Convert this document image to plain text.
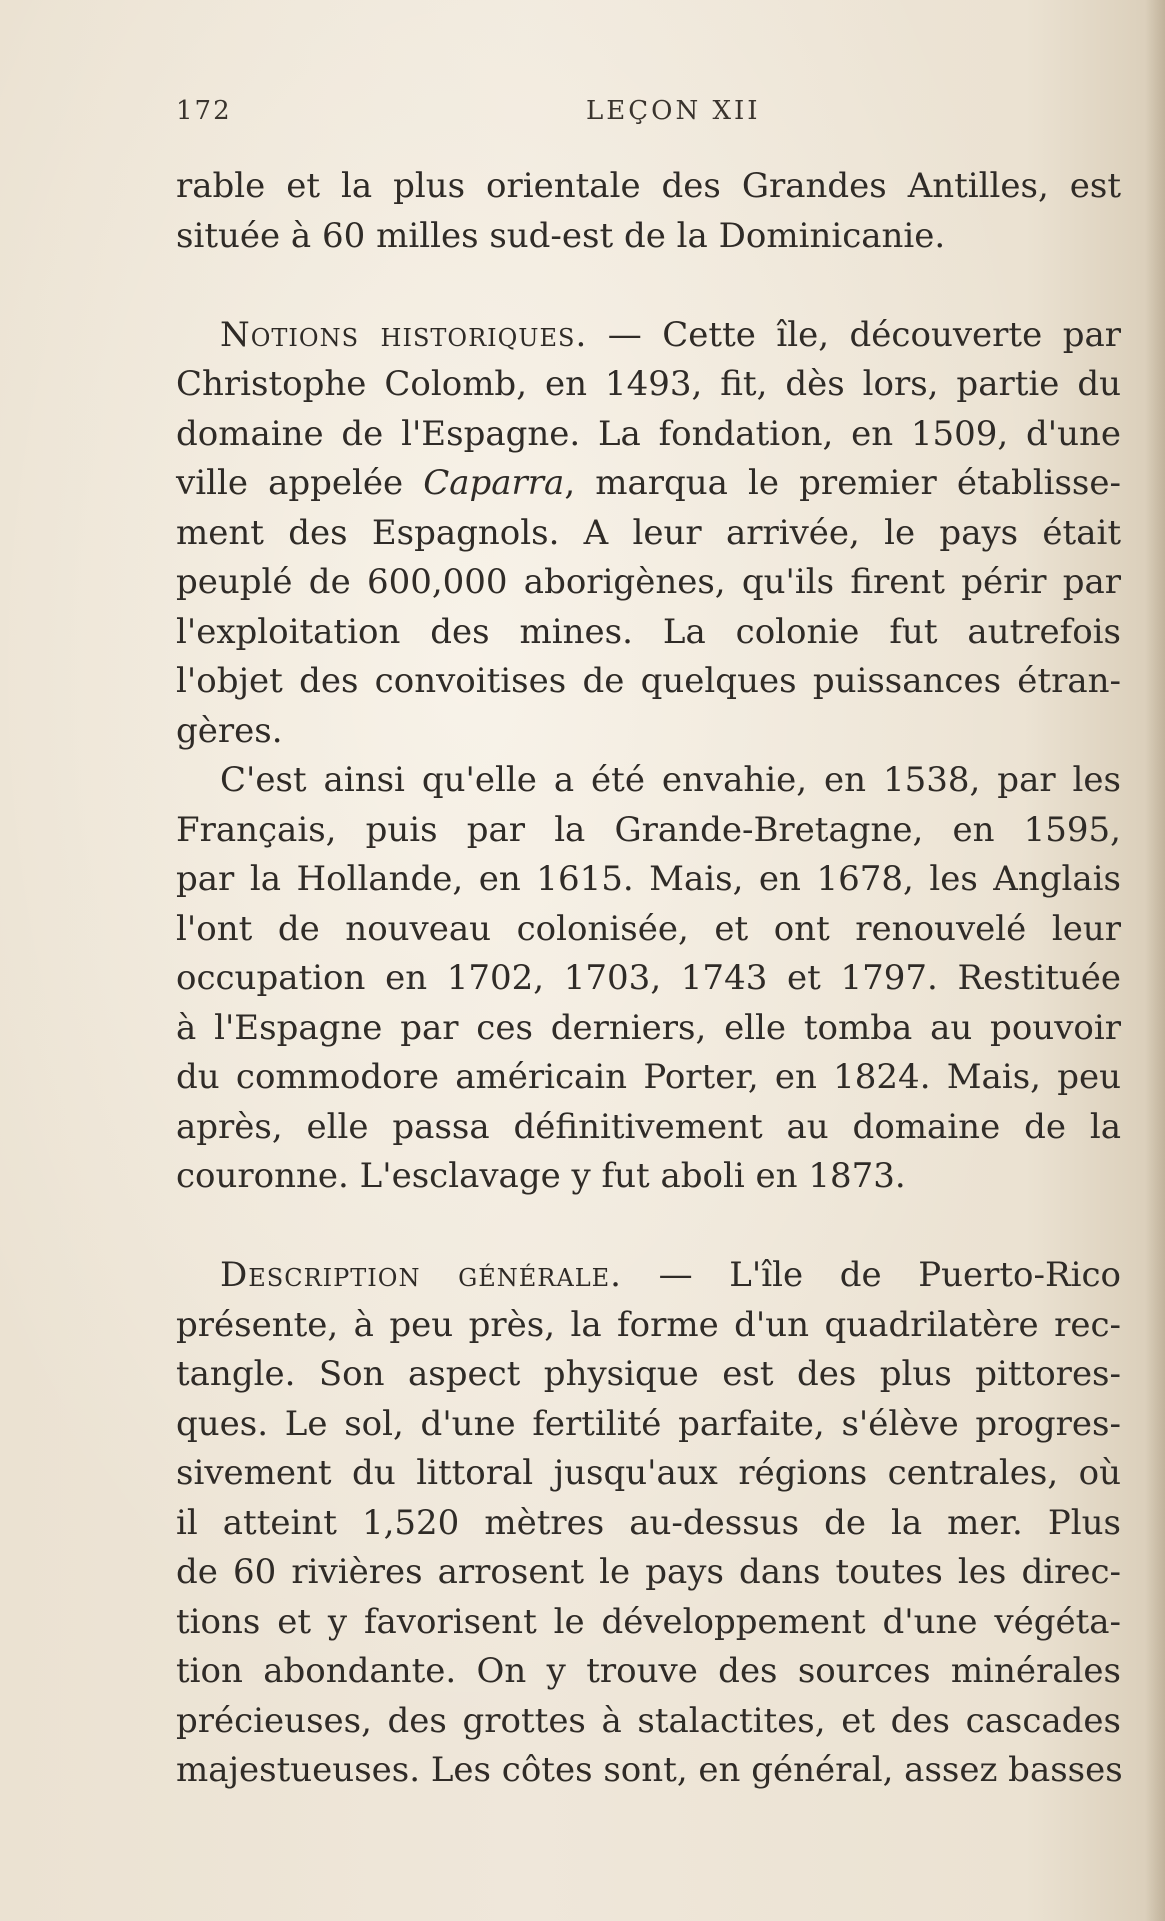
172	LEÇON XII
rable et la plus orientale des Grandes Antilles, est
située à 60 milles sud-est de la Dominicanie.
Notions historiques. — Cette île, découverte par
Christophe Colomb, en 1493, fit, dès lors, partie du
domaine de l'Espagne. La fondation, en 1509, d'une
ville appelée Caparra, marqua le premier établisse-
ment des Espagnols. A leur arrivée, le pays était
peuplé de 600,000 aborigènes, qu'ils firent périr par
l'exploitation des mines. La colonie fut autrefois
l'objet des convoitises de quelques puissances étran-
gères.
C'est ainsi qu'elle a été envahie, en 1538, par les
Français, puis par la Grande-Bretagne, en 1595,
par la Hollande, en 1615. Mais, en 1678, les Anglais
l'ont de nouveau colonisée, et ont renouvelé leur
occupation en 1702, 1703, 1743 et 1797. Restituée
à l'Espagne par ces derniers, elle tomba au pouvoir
du commodore américain Porter, en 1824. Mais, peu
après, elle passa définitivement au domaine de la
couronne. L'esclavage y fut aboli en 1873.
Description générale. — L'île de Puerto-Rico
présente, à peu près, la forme d'un quadrilatère rec-
tangle. Son aspect physique est des plus pittores-
ques. Le sol, d'une fertilité parfaite, s'élève progres-
sivement du littoral jusqu'aux régions centrales, où
il atteint 1,520 mètres au-dessus de la mer. Plus
de 60 rivières arrosent le pays dans toutes les direc-
tions et y favorisent le développement d'une végéta-
tion abondante. On y trouve des sources minérales
précieuses, des grottes à stalactites, et des cascades
majestueuses. Les côtes sont, en général, assez basses
